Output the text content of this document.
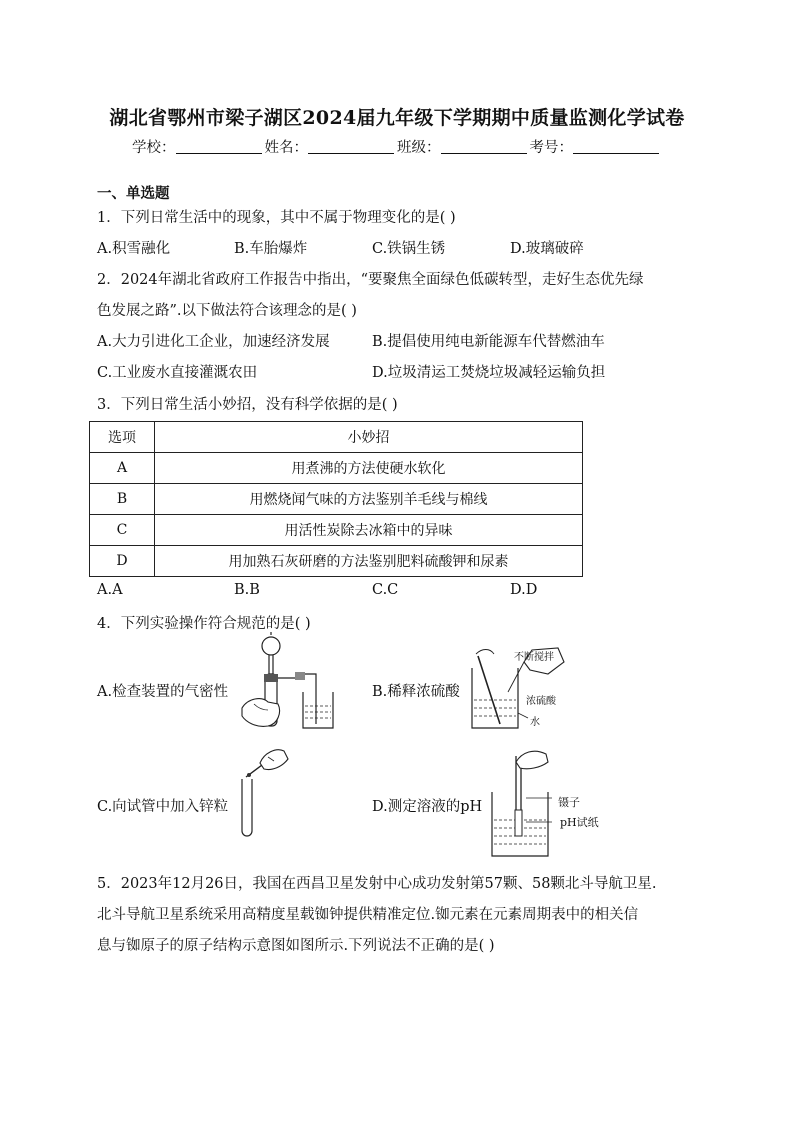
湖北省鄂州市梁子湖区2024届九年级下学期期中质量监测化学试卷
学校：	姓名：	班级：	考号：
一、单选题
1．下列日常生活中的现象，其中不属于物理变化的是( )
A.积雪融化	B.车胎爆炸	C.铁锅生锈	D.玻璃破碎
2．2024年湖北省政府工作报告中指出，“要聚焦全面绿色低碳转型，走好生态优先绿
色发展之路”.以下做法符合该理念的是( )
A.大力引进化工企业，加速经济发展	B.提倡使用纯电新能源车代替燃油车
C.工业废水直接灌溉农田	D.垃圾清运工焚烧垃圾减轻运输负担
3．下列日常生活小妙招，没有科学依据的是( )
选项	小妙招
A	用煮沸的方法使硬水软化
B	用燃烧闻气味的方法鉴别羊毛线与棉线
C	用活性炭除去冰箱中的异味
D	用加熟石灰研磨的方法鉴别肥料硫酸钾和尿素
A.A	B.B	C.C	D.D
4．下列实验操作符合规范的是( )
A.检查装置的气密性	B.稀释浓硫酸
不断搅拌
浓硫酸
水
C.向试管中加入锌粒	D.测定溶液的pH	镊子
pH试纸
5．2023年12月26日，我国在西昌卫星发射中心成功发射第57颗、58颗北斗导航卫星.
北斗导航卫星系统采用高精度星载铷钟提供精准定位.铷元素在元素周期表中的相关信
息与铷原子的原子结构示意图如图所示.下列说法不正确的是( )
